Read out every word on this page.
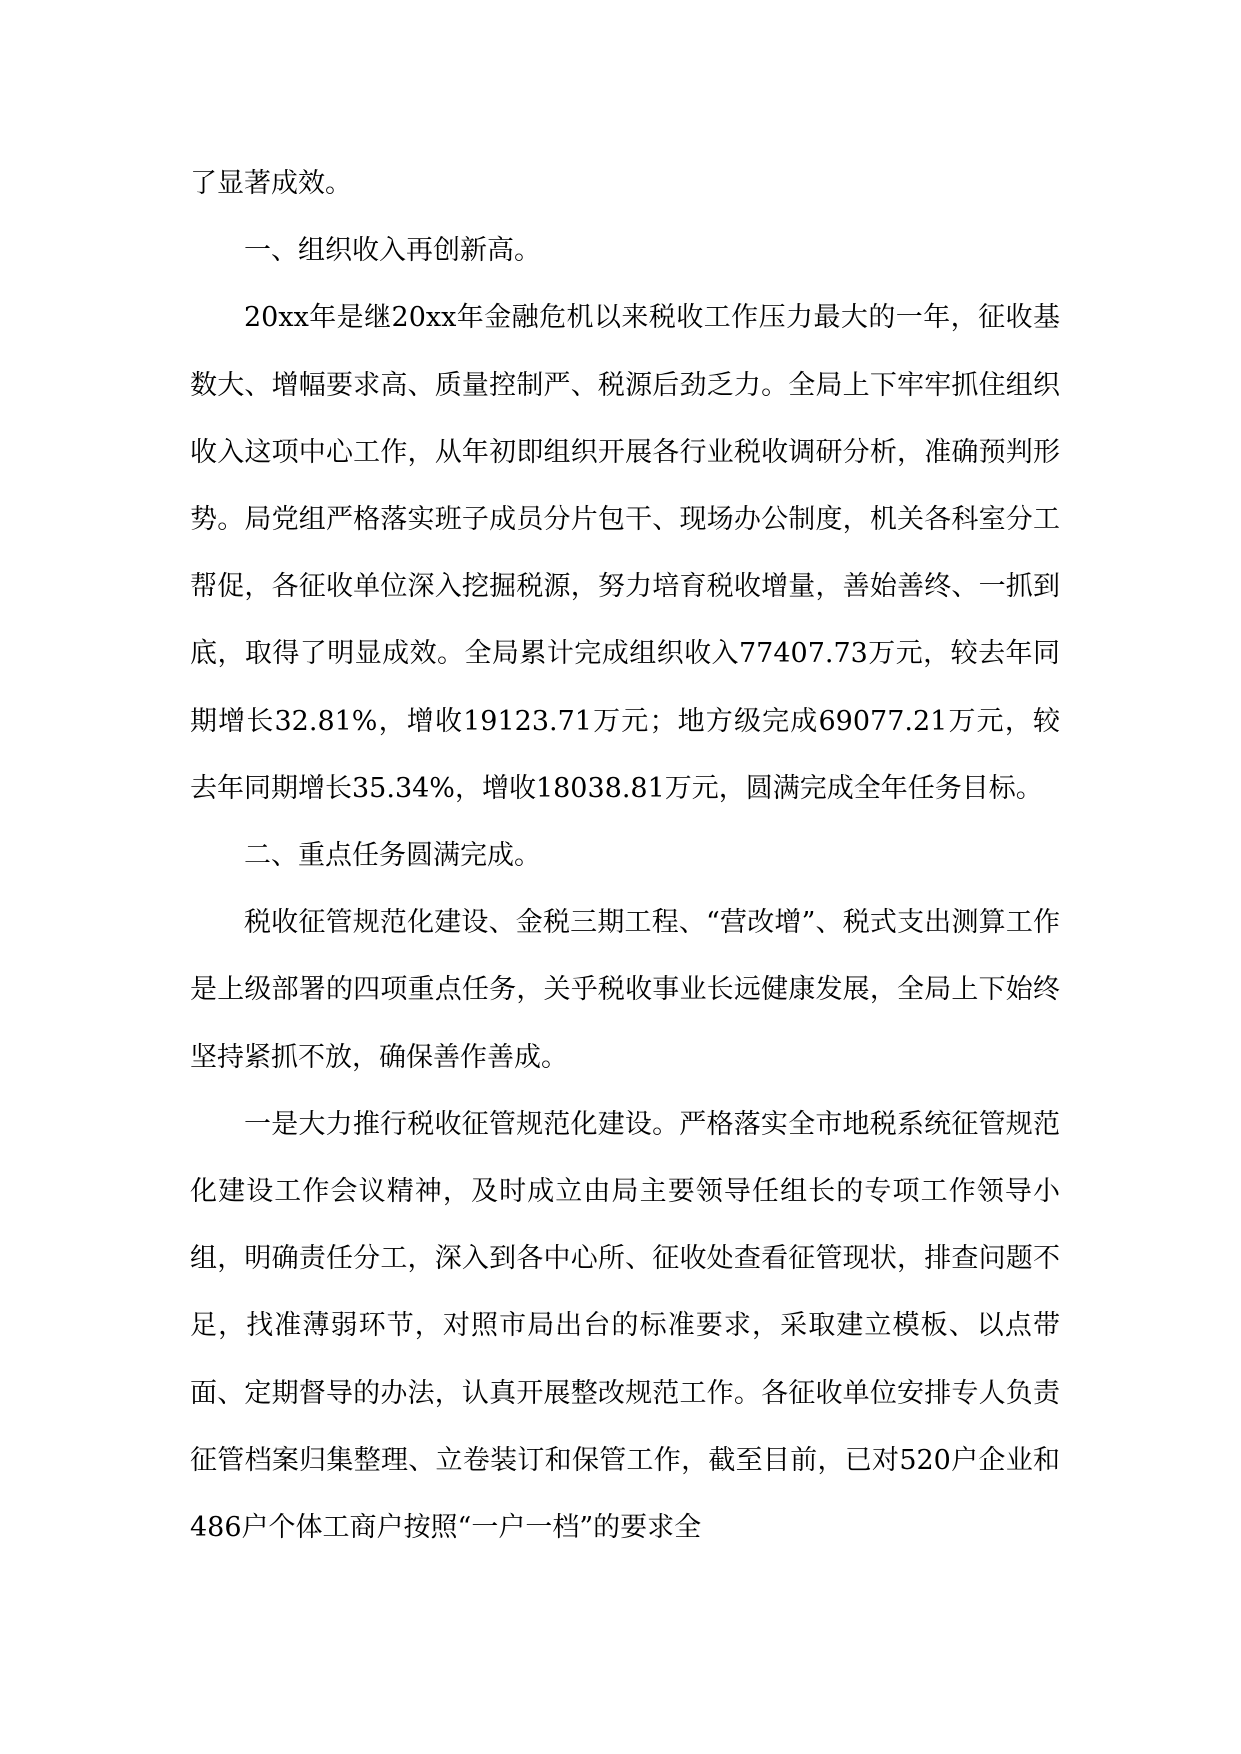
了显著成效。

一、组织收入再创新高。

20xx年是继20xx年金融危机以来税收工作压力最大的一年，征收基数大、增幅要求高、质量控制严、税源后劲乏力。全局上下牢牢抓住组织收入这项中心工作，从年初即组织开展各行业税收调研分析，准确预判形势。局党组严格落实班子成员分片包干、现场办公制度，机关各科室分工帮促，各征收单位深入挖掘税源，努力培育税收增量，善始善终、一抓到底，取得了明显成效。全局累计完成组织收入77407.73万元，较去年同期增长32.81%，增收19123.71万元；地方级完成69077.21万元，较去年同期增长35.34%，增收18038.81万元，圆满完成全年任务目标。

二、重点任务圆满完成。

税收征管规范化建设、金税三期工程、“营改增”、税式支出测算工作是上级部署的四项重点任务，关乎税收事业长远健康发展，全局上下始终坚持紧抓不放，确保善作善成。

一是大力推行税收征管规范化建设。严格落实全市地税系统征管规范化建设工作会议精神，及时成立由局主要领导任组长的专项工作领导小组，明确责任分工，深入到各中心所、征收处查看征管现状，排查问题不足，找准薄弱环节，对照市局出台的标准要求，采取建立模板、以点带面、定期督导的办法，认真开展整改规范工作。各征收单位安排专人负责征管档案归集整理、立卷装订和保管工作，截至目前，已对520户企业和486户个体工商户按照“一户一档”的要求全
